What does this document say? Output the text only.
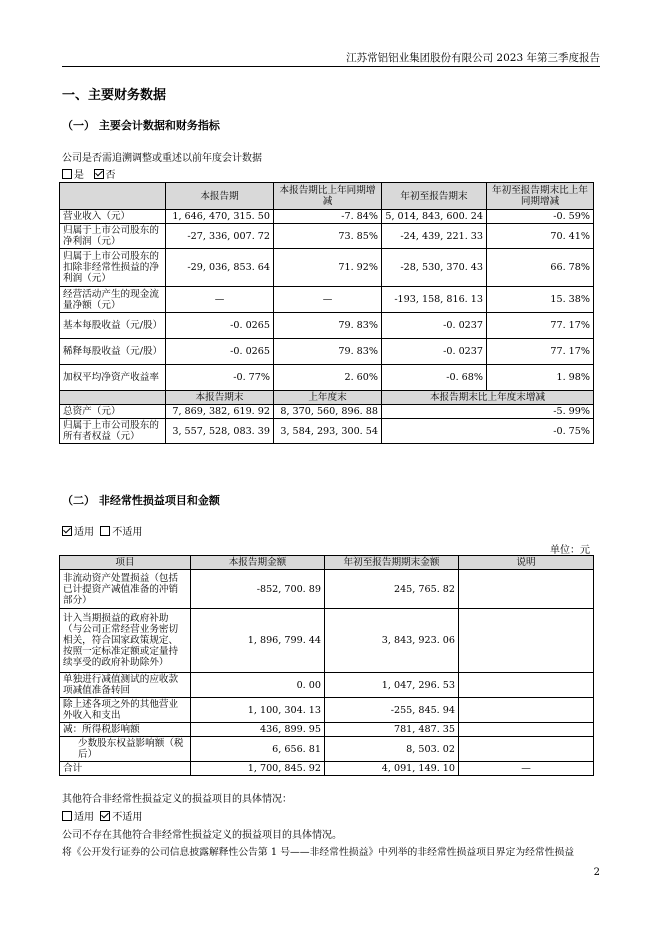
江苏常铝铝业集团股份有限公司 2023 年第三季度报告
一、主要财务数据
（一） 主要会计数据和财务指标
公司是否需追溯调整或重述以前年度会计数据
是 否
	本报告期	本报告期比上年同期增减	年初至报告期末	年初至报告期末比上年同期增减
营业收入（元）	1, 646, 470, 315. 50	-7. 84%	5, 014, 843, 600. 24	-0. 59%
归属于上市公司股东的净利润（元）	-27, 336, 007. 72	73. 85%	-24, 439, 221. 33	70. 41%
归属于上市公司股东的扣除非经常性损益的净利润（元）	-29, 036, 853. 64	71. 92%	-28, 530, 370. 43	66. 78%
经营活动产生的现金流量净额（元）	—	—	-193, 158, 816. 13	15. 38%
基本每股收益（元/股）	-0. 0265	79. 83%	-0. 0237	77. 17%
稀释每股收益（元/股）	-0. 0265	79. 83%	-0. 0237	77. 17%
加权平均净资产收益率	-0. 77%	2. 60%	-0. 68%	1. 98%
	本报告期末	上年度末	本报告期末比上年度末增减	
总资产（元）	7, 869, 382, 619. 92	8, 370, 560, 896. 88	-5. 99%	
归属于上市公司股东的所有者权益（元）	3, 557, 528, 083. 39	3, 584, 293, 300. 54	-0. 75%	
（二） 非经常性损益项目和金额
适用 不适用
单位：元
项目	本报告期金额	年初至报告期期末金额	说明
非流动资产处置损益（包括已计提资产减值准备的冲销部分）	-852, 700. 89	245, 765. 82	
计入当期损益的政府补助（与公司正常经营业务密切相关，符合国家政策规定、按照一定标准定额或定量持续享受的政府补助除外）	1, 896, 799. 44	3, 843, 923. 06	
单独进行减值测试的应收款项减值准备转回	0. 00	1, 047, 296. 53	
除上述各项之外的其他营业外收入和支出	1, 100, 304. 13	-255, 845. 94	
减：所得税影响额	436, 899. 95	781, 487. 35	
少数股东权益影响额（税后）	6, 656. 81	8, 503. 02	
合计	1, 700, 845. 92	4, 091, 149. 10	—
其他符合非经常性损益定义的损益项目的具体情况：
适用 不适用
公司不存在其他符合非经常性损益定义的损益项目的具体情况。
将《公开发行证券的公司信息披露解释性公告第 1 号——非经常性损益》中列举的非经常性损益项目界定为经常性损益
2
